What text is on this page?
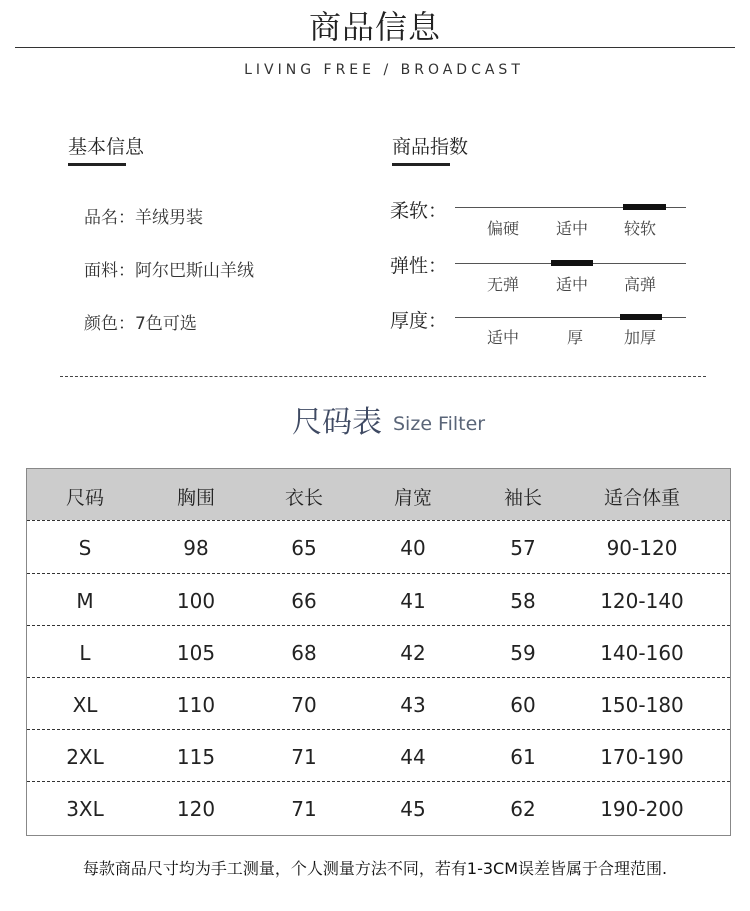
商品信息
LIVING FREE / BROADCAST
基本信息
品名：羊绒男装
面料：阿尔巴斯山羊绒
颜色：7色可选
商品指数
柔软：
偏硬 适中 较软
弹性：
无弹 适中 高弹
厚度：
适中	厚	加厚
尺码表 Size Filter
尺码	胸围	衣长	肩宽	袖长	适合体重
S	98	65	40	57	90-120
M	100	66	41	58	120-140
L	105	68	42	59	140-160
XL	110	70	43	60	150-180
2XL	115	71	44	61	170-190
3XL	120	71	45	62	190-200
每款商品尺寸均为手工测量，个人测量方法不同，若有1-3CM误差皆属于合理范围.
